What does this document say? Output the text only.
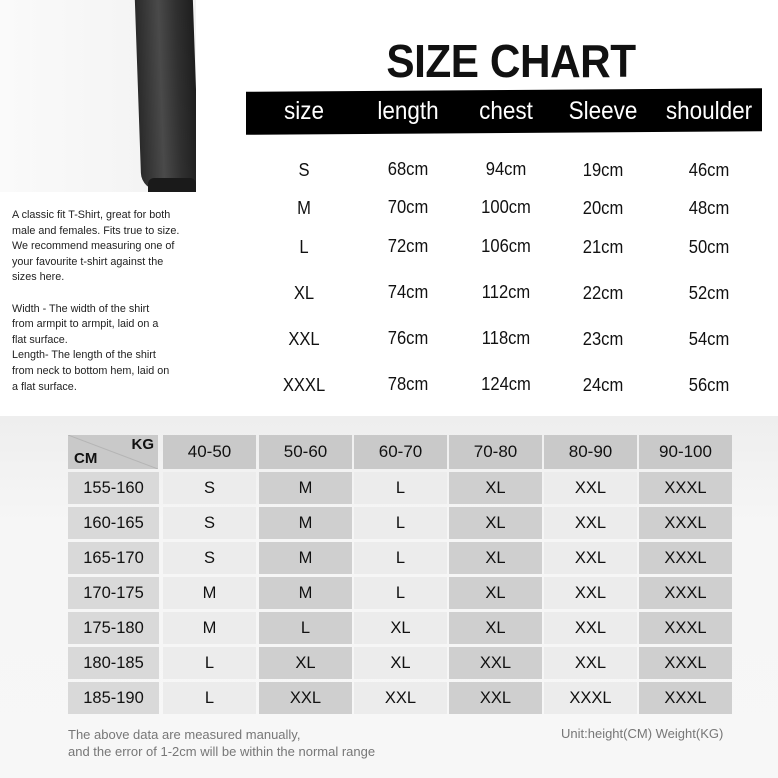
A classic fit T-Shirt, great for both
male and females. Fits true to size.
We recommend measuring one of
your favourite t-shirt against the
sizes here.

Width - The width of the shirt
from armpit to armpit, laid on a
flat surface.
Length- The length of the shirt
from neck to bottom hem, laid on
a flat surface.

SIZE CHART
size	length	chest	Sleeve	shoulder
S	68cm	94cm	19cm	46cm
M	70cm	100cm	20cm	48cm
L	72cm	106cm	21cm	50cm
XL	74cm	112cm	22cm	52cm
XXL	76cm	118cm	23cm	54cm
XXXL	78cm	124cm	24cm	56cm
KG
CM	40-50	50-60	60-70	70-80	80-90	90-100
155-160	S	M	L	XL	XXL	XXXL
160-165	S	M	L	XL	XXL	XXXL
165-170	S	M	L	XL	XXL	XXXL
170-175	M	M	L	XL	XXL	XXXL
175-180	M	L	XL	XL	XXL	XXXL
180-185	L	XL	XL	XXL	XXL	XXXL
185-190	L	XXL	XXL	XXL	XXXL	XXXL
The above data are measured manually,
and the error of 1-2cm will be within the normal range
Unit:height(CM) Weight(KG)
